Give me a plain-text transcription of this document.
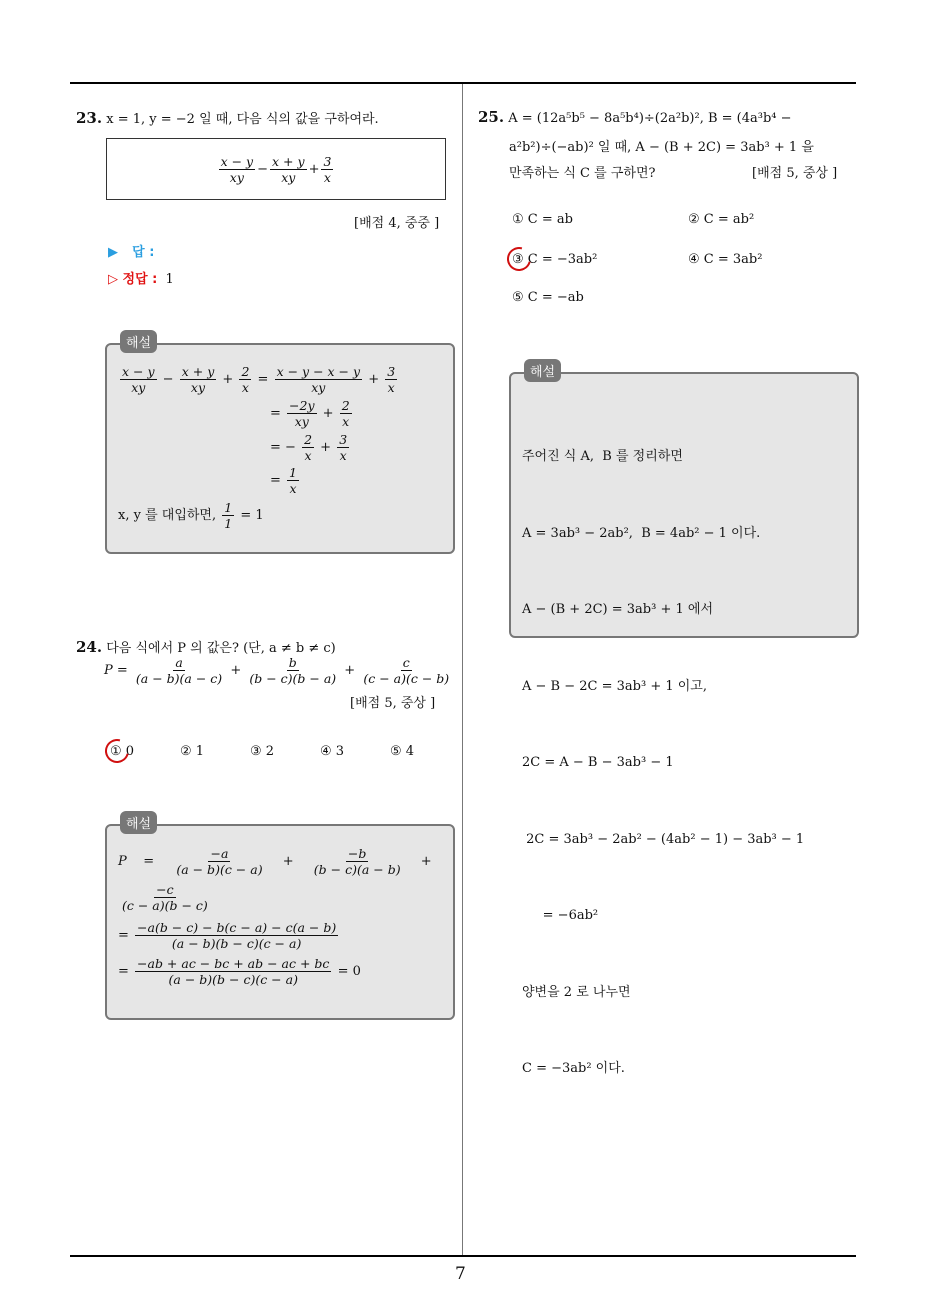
7
23. x = 1, y = −2 일 때, 다음 식의 값을 구하여라.
$\frac{x - y}{xy} - \frac{x + y}{xy} + \frac{3}{x}$
[배점 4, 중중 ]
▶ 답 :
▷ 정답 : 1
해설
$\frac{x - y}{xy} - \frac{x + y}{xy} + \frac{2}{x} = \frac{x - y - x - y}{xy} + \frac{3}{x}$
= $\frac{-2y}{xy} + \frac{2}{x}$
= − $\frac{2}{x} + \frac{3}{x}$
= $\frac{1}{x}$
x, y 를 대입하면, $\frac{1}{1} = 1$
24. 다음 식에서 P 의 값은? (단, a ≠ b ≠ c)
$P = \frac{a}{(a - b)(a - c)} + \frac{b}{(b - c)(b - a)} + \frac{c}{(c - a)(c - b)}$
[배점 5, 중상 ]
① 0	② 1	③ 2	④ 3	⑤ 4
해설
P    = $\frac{-a}{(a - b)(c - a)} + \frac{-b}{(b - c)(a - b)}$ +
$\frac{-c}{(c - a)(b - c)}$
= $\frac{-a(b - c) - b(c - a) - c(a - b)}{(a - b)(b - c)(c - a)}$
= $\frac{-ab + ac - bc + ab - ac + bc}{(a - b)(b - c)(c - a)} = 0$
25. A = (12a⁵b⁵ − 8a⁵b⁴)÷(2a²b)², B = (4a³b⁴ −
a²b²)÷(−ab)² 일 때, A − (B + 2C) = 3ab³ + 1 을
만족하는 식 C 를 구하면?	[배점 5, 중상 ]
① C = ab	② C = ab²
③ C = −3ab²	④ C = 3ab²
⑤ C = −ab
해설

주어진 식 A,  B 를 정리하면

A = 3ab³ − 2ab²,  B = 4ab² − 1 이다.

A − (B + 2C) = 3ab³ + 1 에서

A − B − 2C = 3ab³ + 1 이고,

2C = A − B − 3ab³ − 1

2C = 3ab³ − 2ab² − (4ab² − 1) − 3ab³ − 1

= −6ab²

양변을 2 로 나누면

C = −3ab² 이다.
